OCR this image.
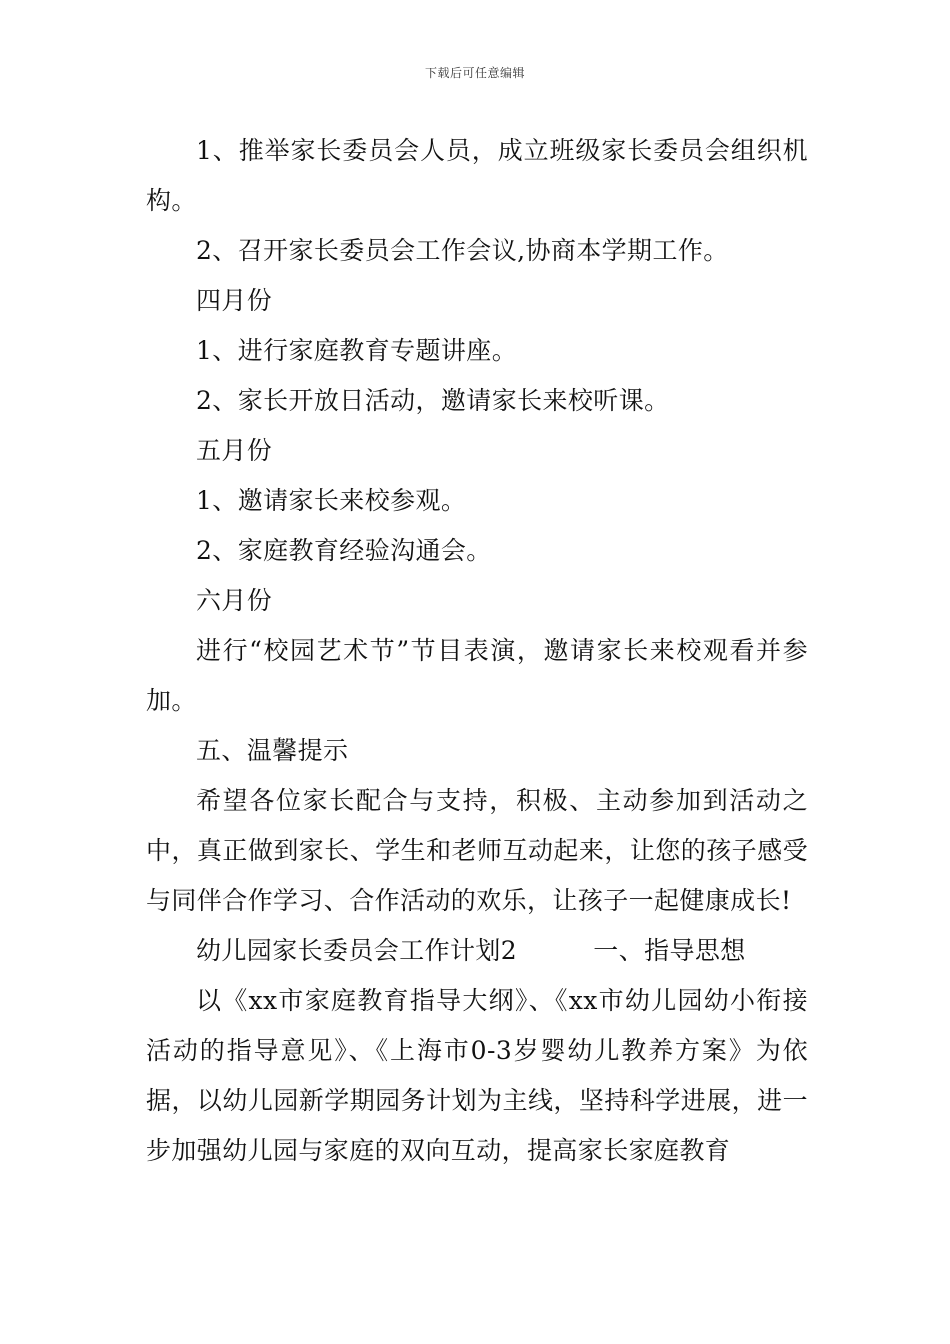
下载后可任意编辑

1、推举家长委员会人员，成立班级家长委员会组织机构。

2、召开家长委员会工作会议,协商本学期工作。

四月份

1、进行家庭教育专题讲座。

2、家长开放日活动，邀请家长来校听课。

五月份

1、邀请家长来校参观。

2、家庭教育经验沟通会。

六月份

进行“校园艺术节”节目表演，邀请家长来校观看并参加。

五、温馨提示

希望各位家长配合与支持，积极、主动参加到活动之中，真正做到家长、学生和老师互动起来，让您的孩子感受与同伴合作学习、合作活动的欢乐，让孩子一起健康成长!

幼儿园家长委员会工作计划2　　　一、指导思想

以《xx市家庭教育指导大纲》、《xx市幼儿园幼小衔接活动的指导意见》、《上海市0-3岁婴幼儿教养方案》为依据，以幼儿园新学期园务计划为主线，坚持科学进展，进一步加强幼儿园与家庭的双向互动，提高家长家庭教育
